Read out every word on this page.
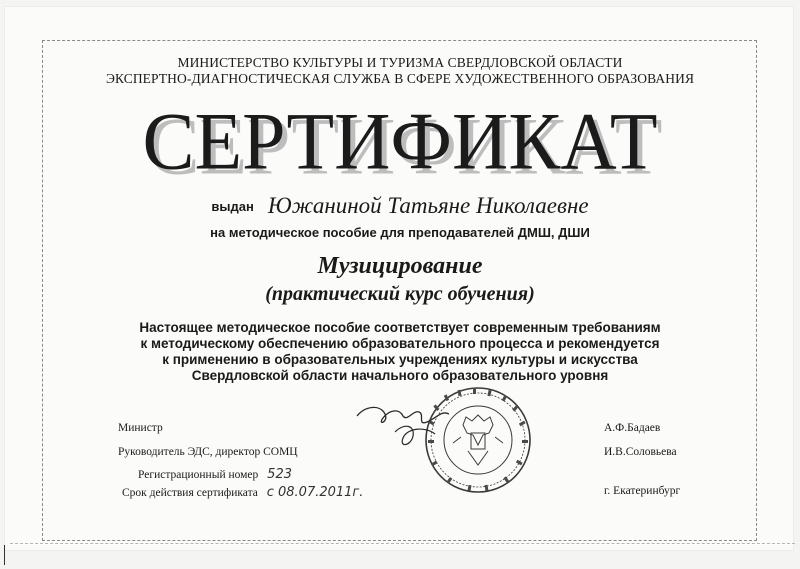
МИНИСТЕРСТВО КУЛЬТУРЫ И ТУРИЗМА СВЕРДЛОВСКОЙ ОБЛАСТИ
ЭКСПЕРТНО-ДИАГНОСТИЧЕСКАЯ СЛУЖБА В СФЕРЕ ХУДОЖЕСТВЕННОГО ОБРАЗОВАНИЯ
СЕРТИФИКАТ
выдан Южаниной Татьяне Николаевне
на методическое пособие для преподавателей ДМШ, ДШИ
Музицирование
(практический курс обучения)
Настоящее методическое пособие соответствует современным требованиям
к методическому обеспечению образовательного процесса и рекомендуется
к применению в образовательных учреждениях культуры и искусства
Свердловской области начального образовательного уровня
Министр	А.Ф.Бадаев
Руководитель ЭДС, директор СОМЦ	И.В.Соловьева
Регистрационный номер 523
Срок действия сертификата с 08.07.2011г.	г. Екатеринбург
